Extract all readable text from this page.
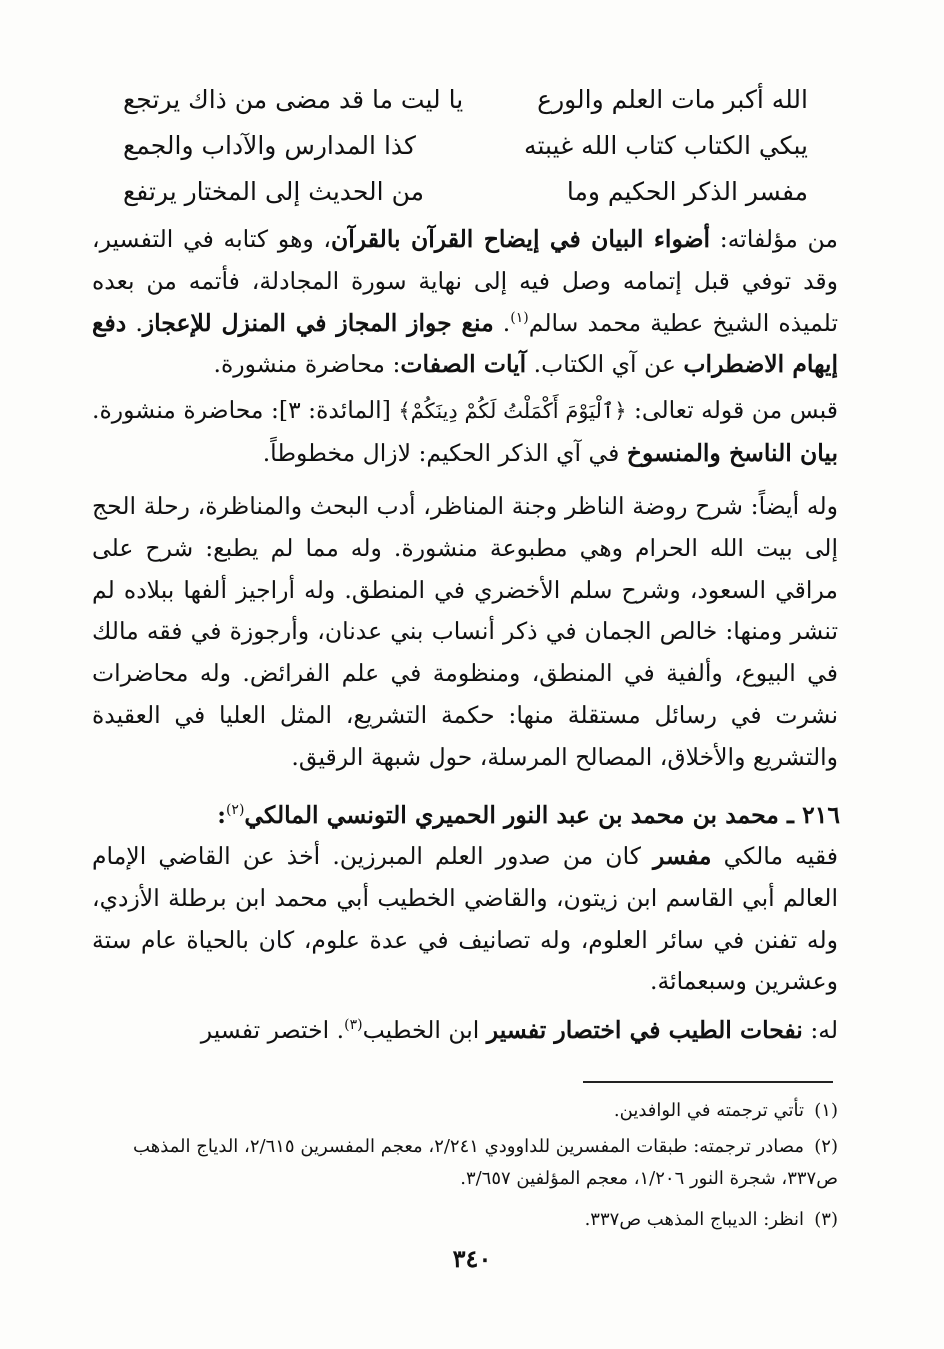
الله أكبر مات العلم والورع
يا ليت ما قد مضى من ذاك يرتجع
يبكي الكتاب كتاب الله غيبته
كذا المدارس والآداب والجمع
مفسر الذكر الحكيم وما
من الحديث إلى المختار يرتفع
من مؤلفاته: أضواء البيان في إيضاح القرآن بالقرآن، وهو كتابه في التفسير، وقد توفي قبل إتمامه وصل فيه إلى نهاية سورة المجادلة، فأتمه من بعده تلميذه الشيخ عطية محمد سالم$^{(١)}$. منع جواز المجاز في المنزل للإعجاز. دفع إيهام الاضطراب عن آي الكتاب. آيات الصفات: محاضرة منشورة.
قبس من قوله تعالى: ﴿ٱلْيَوْمَ أَكْمَلْتُ لَكُمْ دِينَكُمْ﴾ [المائدة: ٣]: محاضرة منشورة. بيان الناسخ والمنسوخ في آي الذكر الحكيم: لازال مخطوطاً.
وله أيضاً: شرح روضة الناظر وجنة المناظر، أدب البحث والمناظرة، رحلة الحج إلى بيت الله الحرام وهي مطبوعة منشورة. وله مما لم يطبع: شرح على مراقي السعود، وشرح سلم الأخضري في المنطق. وله أراجيز ألفها ببلاده لم تنشر ومنها: خالص الجمان في ذكر أنساب بني عدنان، وأرجوزة في فقه مالك في البيوع، وألفية في المنطق، ومنظومة في علم الفرائض. وله محاضرات نشرت في رسائل مستقلة منها: حكمة التشريع، المثل العليا في العقيدة والتشريع والأخلاق، المصالح المرسلة، حول شبهة الرقيق.
٢١٦ ـ محمد بن محمد بن عبد النور الحميري التونسي المالكي$^{(٢)}$:
فقيه مالكي مفسر كان من صدور العلم المبرزين. أخذ عن القاضي الإمام العالم أبي القاسم ابن زيتون، والقاضي الخطيب أبي محمد ابن برطلة الأزدي، وله تفنن في سائر العلوم، وله تصانيف في عدة علوم، كان بالحياة عام ستة وعشرين وسبعمائة.
له: نفحات الطيب في اختصار تفسير ابن الخطيب$^{(٣)}$. اختصر تفسير
(١)تأتي ترجمته في الوافدين.
(٢)مصادر ترجمته: طبقات المفسرين للداوودي ٢/٢٤١، معجم المفسرين ٢/٦١٥، الدياج المذهب ص٣٣٧، شجرة النور ١/٢٠٦، معجم المؤلفين ٣/٦٥٧.
(٣)انظر: الديباج المذهب ص٣٣٧.
٣٤٠
